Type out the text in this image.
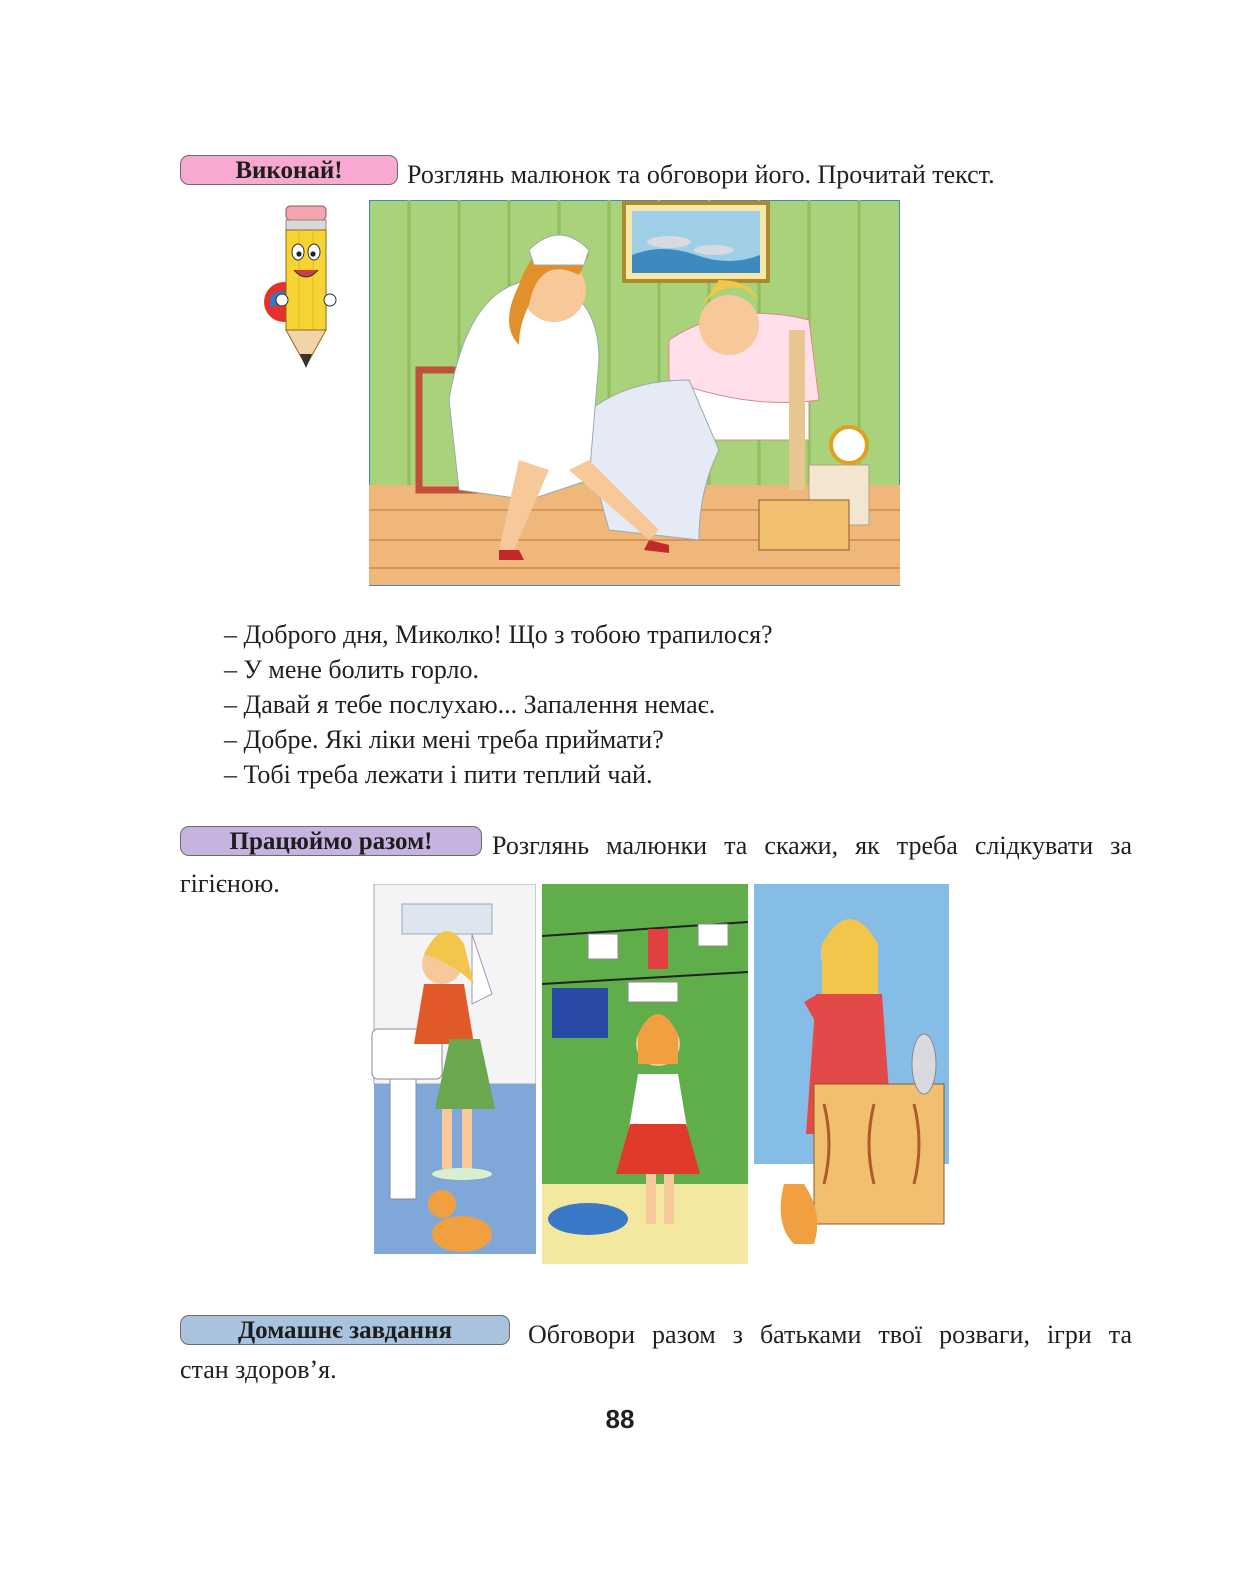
Виконай!	Розглянь малюнок та обговори його. Прочитай текст.

– Доброго дня, Миколко! Що з тобою трапилося?
– У мене болить горло.
– Давай я тебе послухаю... Запалення немає.
– Добре. Які ліки мені треба приймати?
– Тобі треба лежати і пити теплий чай.
Працюймо разом!	Розглянь малюнки та скажи, як треба слідкувати за

гігієною.

Домашнє завдання	Обговори разом з батьками твої розваги, ігри та

стан здоров’я.

88
